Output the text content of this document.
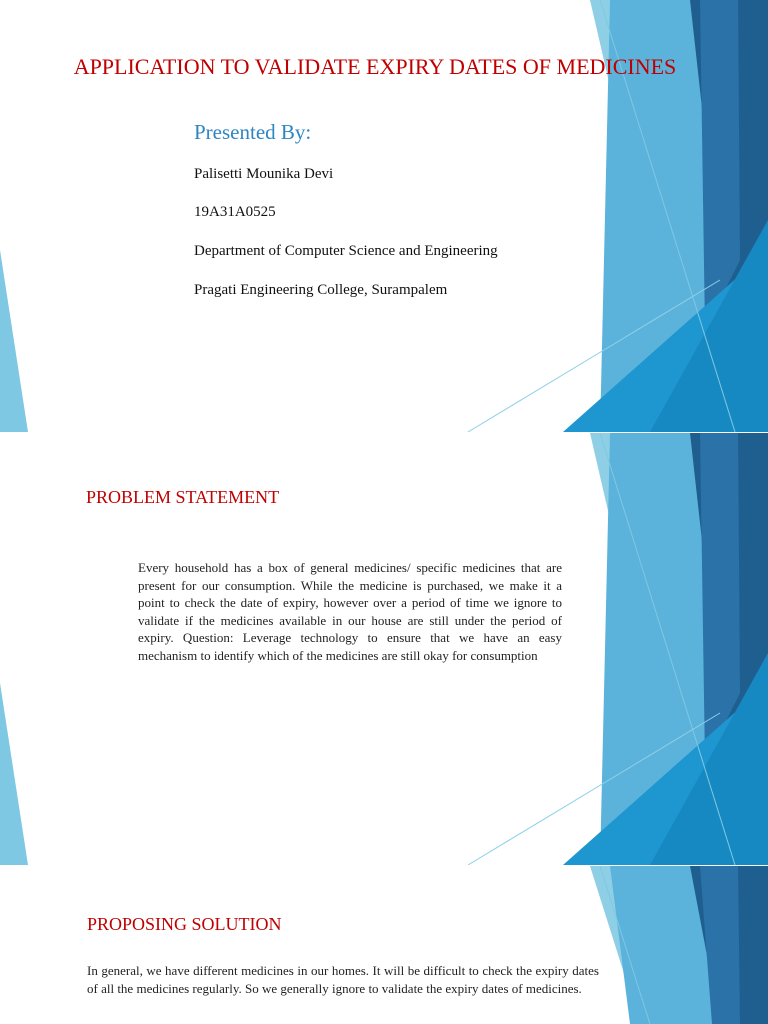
APPLICATION TO VALIDATE EXPIRY DATES OF MEDICINES
Presented By:
Palisetti Mounika Devi
19A31A0525
Department of Computer Science and Engineering
Pragati Engineering College, Surampalem
PROBLEM STATEMENT

Every household has a box of general medicines/ specific medicines that are present for our consumption. While the medicine is purchased, we make it a point to check the date of expiry, however over a period of time we ignore to validate if the medicines available in our house are still under the period of expiry. Question: Leverage technology to ensure that we have an easy mechanism to identify which of the medicines are still okay for consumption

PROPOSING SOLUTION

In general, we have different medicines in our homes. It will be difficult to check the expiry dates of all the medicines regularly. So we generally ignore to validate the expiry dates of medicines.
